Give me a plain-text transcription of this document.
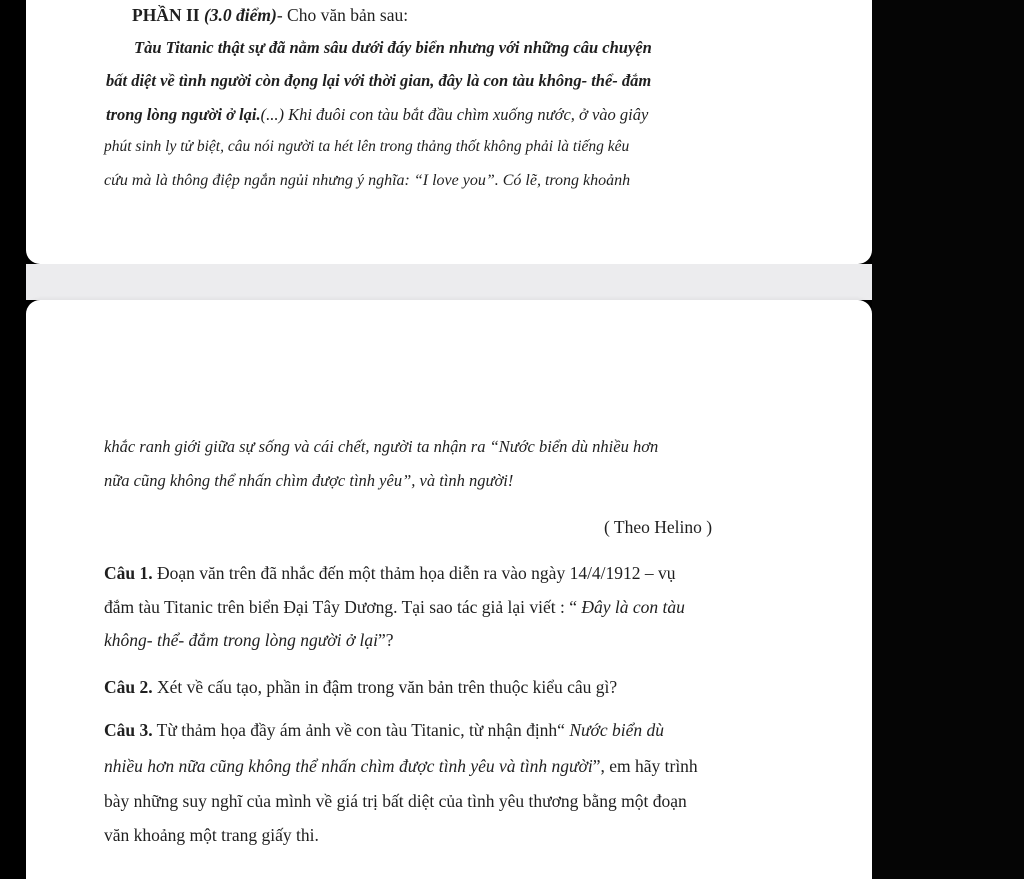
PHẦN II (3.0 điểm)- Cho văn bản sau:
Tàu Titanic thật sự đã nằm sâu dưới đáy biển nhưng với những câu chuyện
bất diệt về tình người còn đọng lại với thời gian, đây là con tàu không- thể- đắm
trong lòng người ở lại.(...) Khi đuôi con tàu bắt đầu chìm xuống nước, ở vào giây
phút sinh ly tử biệt, câu nói người ta hét lên trong thảng thốt không phải là tiếng kêu
cứu mà là thông điệp ngắn ngủi nhưng ý nghĩa: “I love you”. Có lẽ, trong khoảnh
khắc ranh giới giữa sự sống và cái chết, người ta nhận ra “Nước biển dù nhiều hơn
nữa cũng không thể nhấn chìm được tình yêu”, và tình người!
( Theo Helino )
Câu 1. Đoạn văn trên đã nhắc đến một thảm họa diễn ra vào ngày 14/4/1912 – vụ
đắm tàu Titanic trên biển Đại Tây Dương. Tại sao tác giả lại viết : “ Đây là con tàu
không- thể- đắm trong lòng người ở lại”?
Câu 2. Xét về cấu tạo, phần in đậm trong văn bản trên thuộc kiểu câu gì?
Câu 3. Từ thảm họa đầy ám ảnh về con tàu Titanic, từ nhận định“ Nước biển dù
nhiều hơn nữa cũng không thể nhấn chìm được tình yêu và tình người”, em hãy trình
bày những suy nghĩ của mình về giá trị bất diệt của tình yêu thương bằng một đoạn
văn khoảng một trang giấy thi.
